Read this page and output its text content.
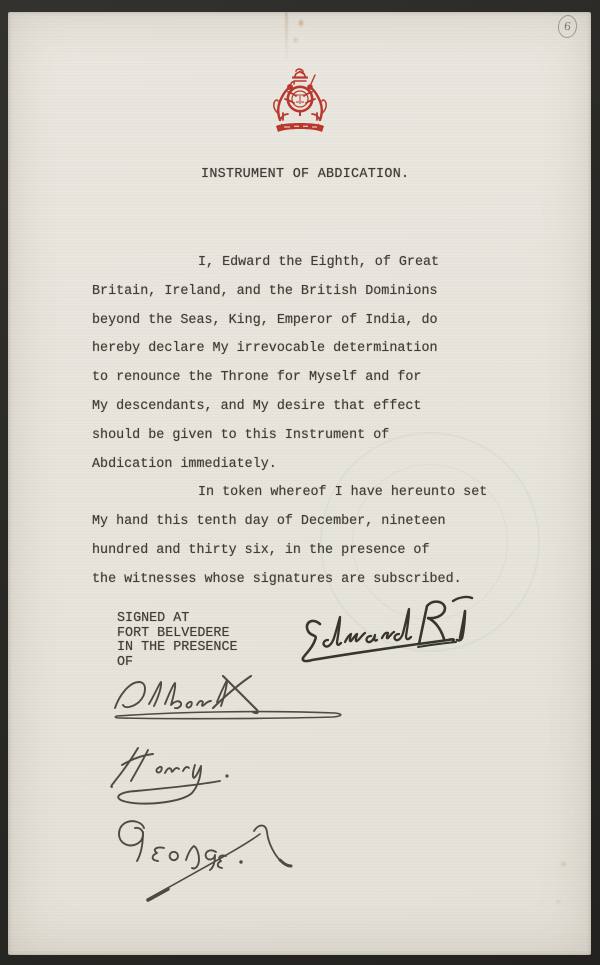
6
INSTRUMENT OF ABDICATION.
I, Edward the Eighth, of Great
Britain, Ireland, and the British Dominions
beyond the Seas, King, Emperor of India, do
hereby declare My irrevocable determination
to renounce the Throne for Myself and for
My descendants, and My desire that effect
should be given to this Instrument of
Abdication immediately.
In token whereof I have hereunto set
My hand this tenth day of December, nineteen
hundred and thirty six, in the presence of
the witnesses whose signatures are subscribed.
SIGNED AT
FORT BELVEDERE
IN THE PRESENCE
OF
